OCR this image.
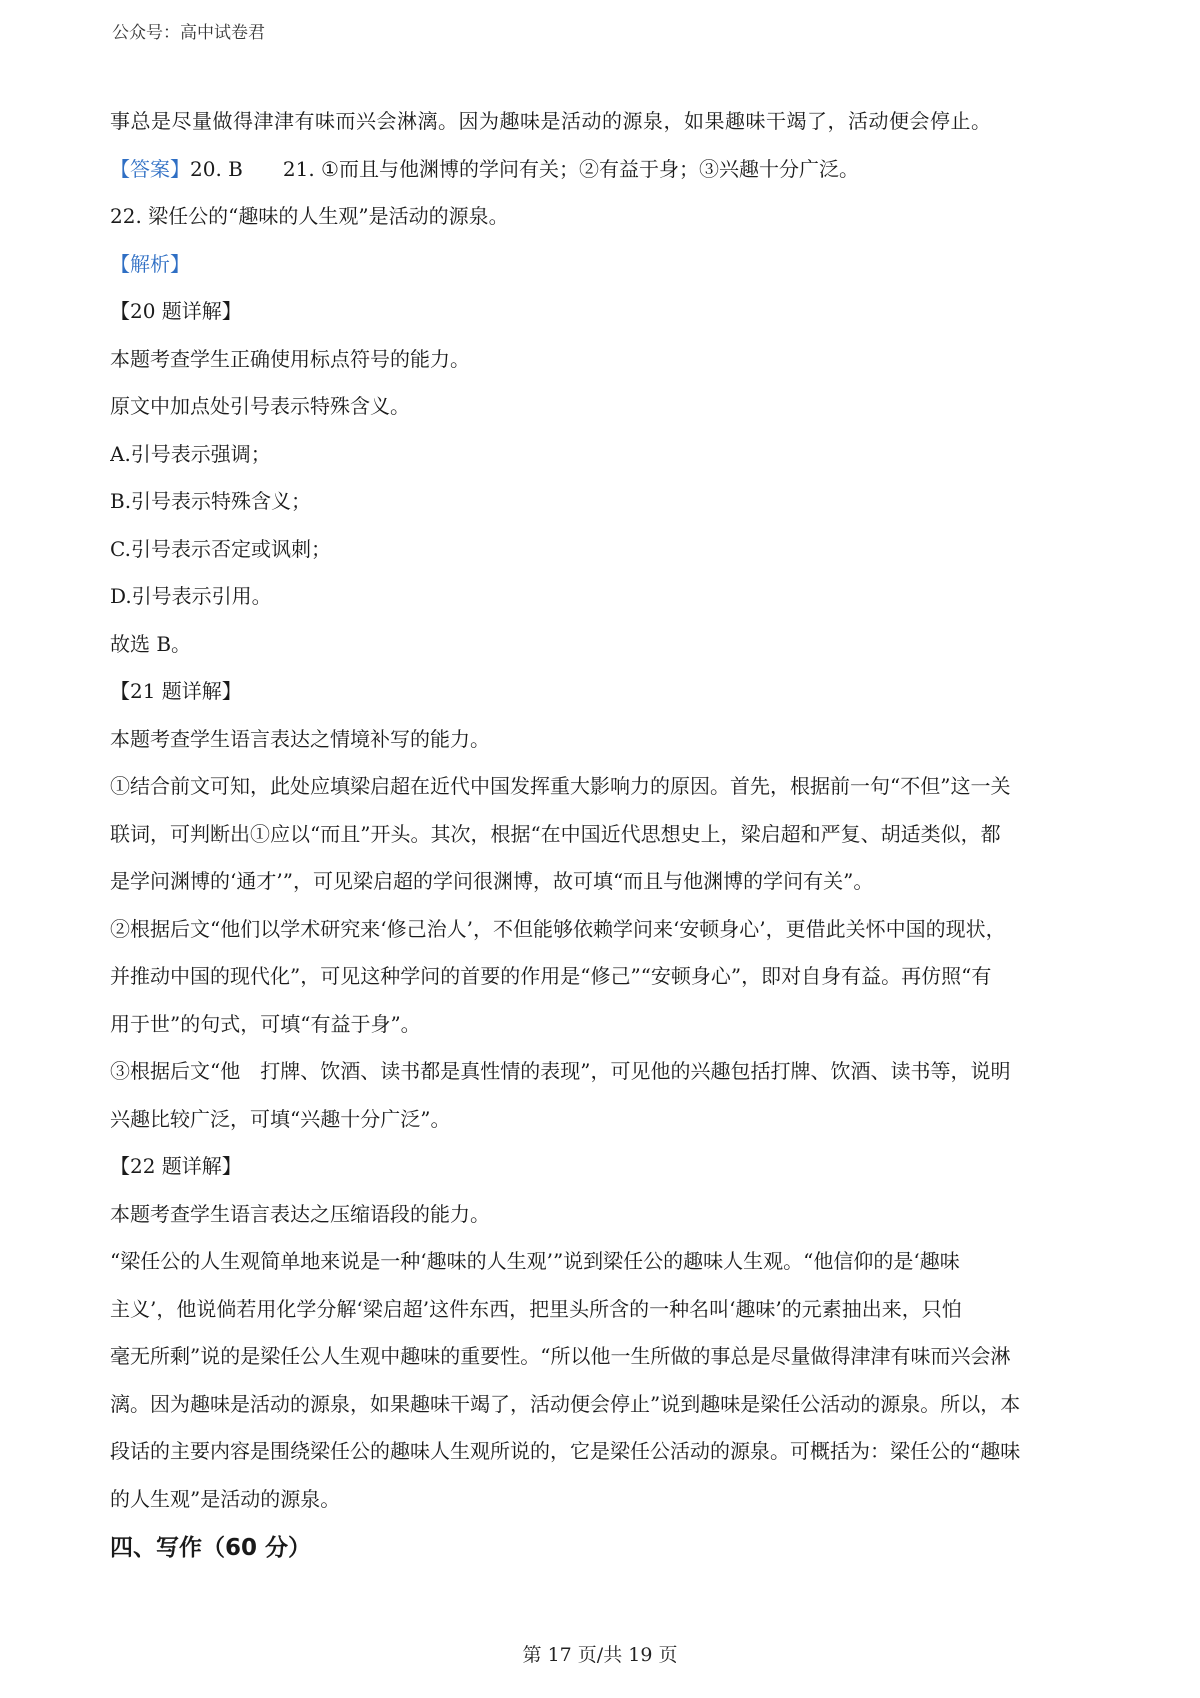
公众号：高中试卷君
事总是尽量做得津津有味而兴会淋漓。因为趣味是活动的源泉，如果趣味干竭了，活动便会停止。
【答案】20. B 21. ①而且与他渊博的学问有关；②有益于身；③兴趣十分广泛。
22. 梁任公的“趣味的人生观”是活动的源泉。
【解析】
【20 题详解】
本题考查学生正确使用标点符号的能力。
原文中加点处引号表示特殊含义。
A.引号表示强调；
B.引号表示特殊含义；
C.引号表示否定或讽刺；
D.引号表示引用。
故选 B。
【21 题详解】
本题考查学生语言表达之情境补写的能力。
①结合前文可知，此处应填梁启超在近代中国发挥重大影响力的原因。首先，根据前一句“不但”这一关
联词，可判断出①应以“而且”开头。其次，根据“在中国近代思想史上，梁启超和严复、胡适类似，都
是学问渊博的‘通才’”，可见梁启超的学问很渊博，故可填“而且与他渊博的学问有关”。
②根据后文“他们以学术研究来‘修己治人’，不但能够依赖学问来‘安顿身心’，更借此关怀中国的现状，
并推动中国的现代化”，可见这种学问的首要的作用是“修己”“安顿身心”，即对自身有益。再仿照“有
用于世”的句式，可填“有益于身”。
③根据后文“他　打牌、饮酒、读书都是真性情的表现”，可见他的兴趣包括打牌、饮酒、读书等，说明
兴趣比较广泛，可填“兴趣十分广泛”。
【22 题详解】
本题考查学生语言表达之压缩语段的能力。
“梁任公的人生观简单地来说是一种‘趣味的人生观’”说到梁任公的趣味人生观。“他信仰的是‘趣味
主义’，他说倘若用化学分解‘梁启超’这件东西，把里头所含的一种名叫‘趣味’的元素抽出来，只怕
毫无所剩”说的是梁任公人生观中趣味的重要性。“所以他一生所做的事总是尽量做得津津有味而兴会淋
漓。因为趣味是活动的源泉，如果趣味干竭了，活动便会停止”说到趣味是梁任公活动的源泉。所以，本
段话的主要内容是围绕梁任公的趣味人生观所说的，它是梁任公活动的源泉。可概括为：梁任公的“趣味
的人生观”是活动的源泉。
四、写作（60 分）
第 17 页/共 19 页
